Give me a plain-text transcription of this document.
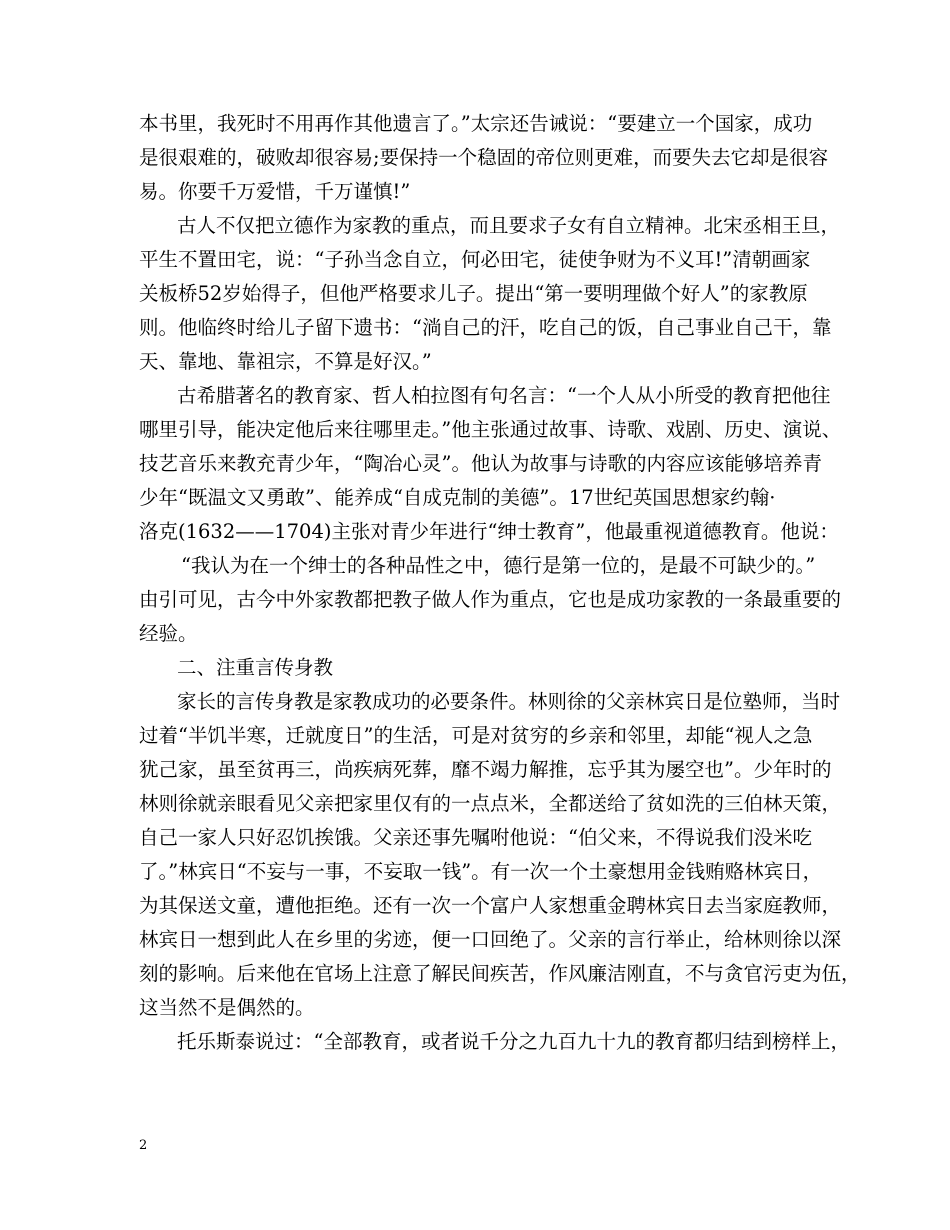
本书里，我死时不用再作其他遗言了。”太宗还告诫说：“要建立一个国家，成功
是很艰难的，破败却很容易;要保持一个稳固的帝位则更难，而要失去它却是很容
易。你要千万爱惜，千万谨慎!”
古人不仅把立德作为家教的重点，而且要求子女有自立精神。北宋丞相王旦，
平生不置田宅，说：“子孙当念自立，何必田宅，徒使争财为不义耳!”清朝画家
关板桥52岁始得子，但他严格要求儿子。提出“第一要明理做个好人”的家教原
则。他临终时给儿子留下遗书：“淌自己的汗，吃自己的饭，自己事业自己干，靠
天、靠地、靠祖宗，不算是好汉。”
古希腊著名的教育家、哲人柏拉图有句名言：“一个人从小所受的教育把他往
哪里引导，能决定他后来往哪里走。”他主张通过故事、诗歌、戏剧、历史、演说、
技艺音乐来教充青少年，“陶冶心灵”。他认为故事与诗歌的内容应该能够培养青
少年“既温文又勇敢”、能养成“自成克制的美德”。17世纪英国思想家约翰·
洛克(1632——1704)主张对青少年进行“绅士教育”，他最重视道德教育。他说：
“我认为在一个绅士的各种品性之中，德行是第一位的，是最不可缺少的。”
由引可见，古今中外家教都把教子做人作为重点，它也是成功家教的一条最重要的
经验。
二、注重言传身教
家长的言传身教是家教成功的必要条件。林则徐的父亲林宾日是位塾师，当时
过着“半饥半寒，迁就度日”的生活，可是对贫穷的乡亲和邻里，却能“视人之急
犹己家，虽至贫再三，尚疾病死葬，靡不竭力解推，忘乎其为屡空也”。少年时的
林则徐就亲眼看见父亲把家里仅有的一点点米，全都送给了贫如洗的三伯林天策，
自己一家人只好忍饥挨饿。父亲还事先嘱咐他说：“伯父来，不得说我们没米吃
了。”林宾日“不妄与一事，不妄取一钱”。有一次一个土豪想用金钱贿赂林宾日，
为其保送文童，遭他拒绝。还有一次一个富户人家想重金聘林宾日去当家庭教师，
林宾日一想到此人在乡里的劣迹，便一口回绝了。父亲的言行举止，给林则徐以深
刻的影响。后来他在官场上注意了解民间疾苦，作风廉洁刚直，不与贪官污吏为伍，
这当然不是偶然的。
托乐斯泰说过：“全部教育，或者说千分之九百九十九的教育都归结到榜样上，
2
